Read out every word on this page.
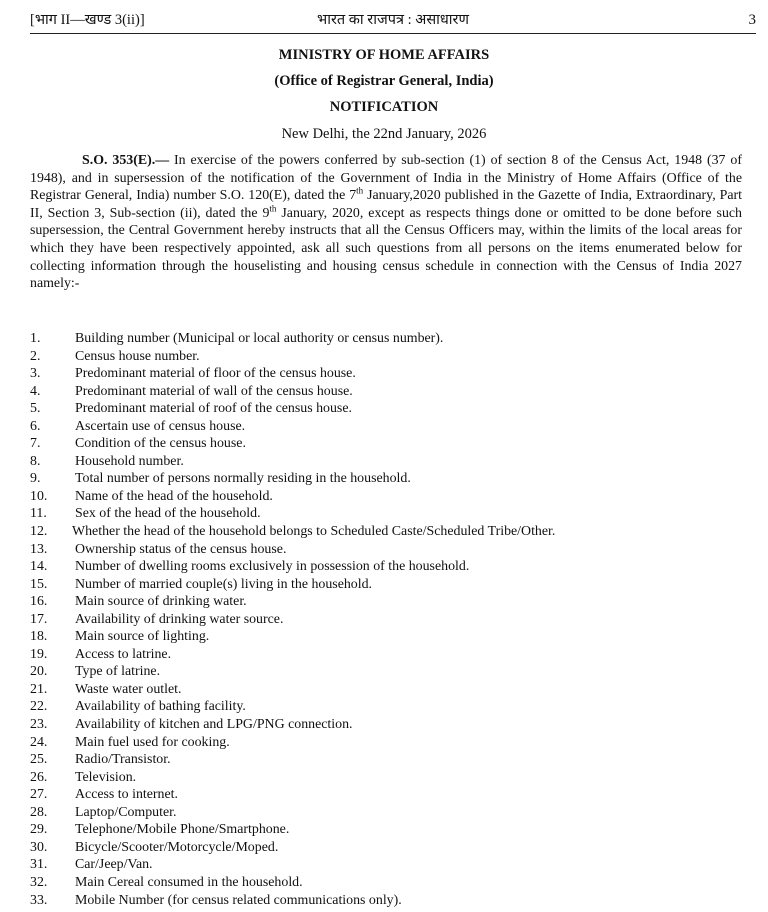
[भाग II—खण्ड 3(ii)]	भारत का राजपत्र : असाधारण	3
MINISTRY OF HOME AFFAIRS
(Office of Registrar General, India)
NOTIFICATION
New Delhi, the 22nd January, 2026
S.O. 353(E).— In exercise of the powers conferred by sub-section (1) of section 8 of the Census Act, 1948 (37 of 1948), and in supersession of the notification of the Government of India in the Ministry of Home Affairs (Office of the Registrar General, India) number S.O. 120(E), dated the 7th January,2020 published in the Gazette of India, Extraordinary, Part II, Section 3, Sub-section (ii), dated the 9th January, 2020, except as respects things done or omitted to be done before such supersession, the Central Government hereby instructs that all the Census Officers may, within the limits of the local areas for which they have been respectively appointed, ask all such questions from all persons on the items enumerated below for collecting information through the houselisting and housing census schedule in connection with the Census of India 2027 namely:-
1. Building number (Municipal or local authority or census number).
2. Census house number.
3. Predominant material of floor of the census house.
4. Predominant material of wall of the census house.
5. Predominant material of roof of the census house.
6. Ascertain use of census house.
7. Condition of the census house.
8. Household number.
9. Total number of persons normally residing in the household.
10. Name of the head of the household.
11. Sex of the head of the household.
12. Whether the head of the household belongs to Scheduled Caste/Scheduled Tribe/Other.
13. Ownership status of the census house.
14. Number of dwelling rooms exclusively in possession of the household.
15. Number of married couple(s) living in the household.
16. Main source of drinking water.
17. Availability of drinking water source.
18. Main source of lighting.
19. Access to latrine.
20. Type of latrine.
21. Waste water outlet.
22. Availability of bathing facility.
23. Availability of kitchen and LPG/PNG connection.
24. Main fuel used for cooking.
25. Radio/Transistor.
26. Television.
27. Access to internet.
28. Laptop/Computer.
29. Telephone/Mobile Phone/Smartphone.
30. Bicycle/Scooter/Motorcycle/Moped.
31. Car/Jeep/Van.
32. Main Cereal consumed in the household.
33. Mobile Number (for census related communications only).
